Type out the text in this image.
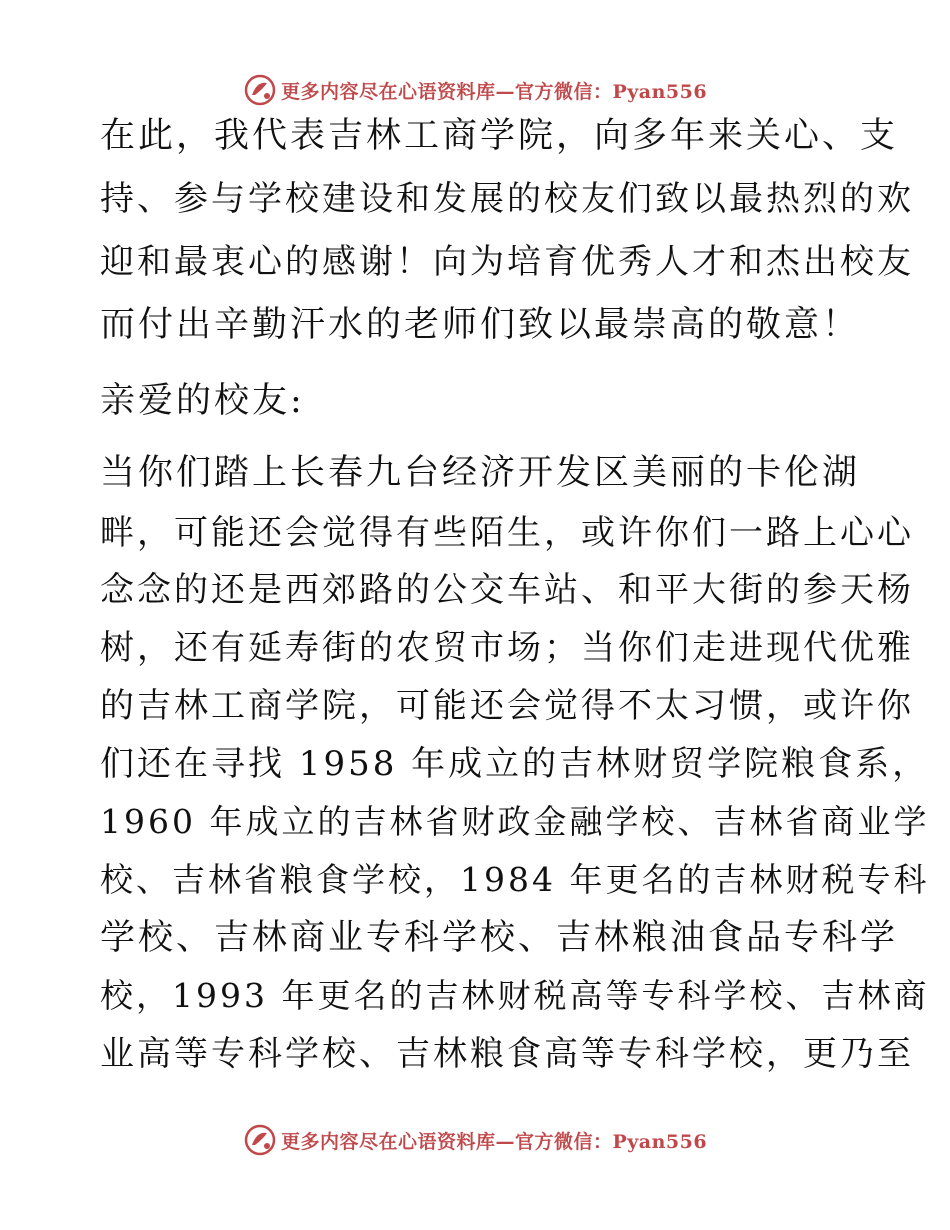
更多内容尽在心语资料库—官方微信：Pyan556
在此，我代表吉林工商学院，向多年来关心、支
持、参与学校建设和发展的校友们致以最热烈的欢
迎和最衷心的感谢！向为培育优秀人才和杰出校友
而付出辛勤汗水的老师们致以最崇高的敬意！
亲爱的校友:
当你们踏上长春九台经济开发区美丽的卡伦湖
畔，可能还会觉得有些陌生，或许你们一路上心心
念念的还是西郊路的公交车站、和平大街的参天杨
树，还有延寿街的农贸市场；当你们走进现代优雅
的吉林工商学院，可能还会觉得不太习惯，或许你
们还在寻找 1958 年成立的吉林财贸学院粮食系，
1960 年成立的吉林省财政金融学校、吉林省商业学
校、吉林省粮食学校，1984 年更名的吉林财税专科
学校、吉林商业专科学校、吉林粮油食品专科学
校，1993 年更名的吉林财税高等专科学校、吉林商
业高等专科学校、吉林粮食高等专科学校，更乃至
更多内容尽在心语资料库—官方微信：Pyan556
